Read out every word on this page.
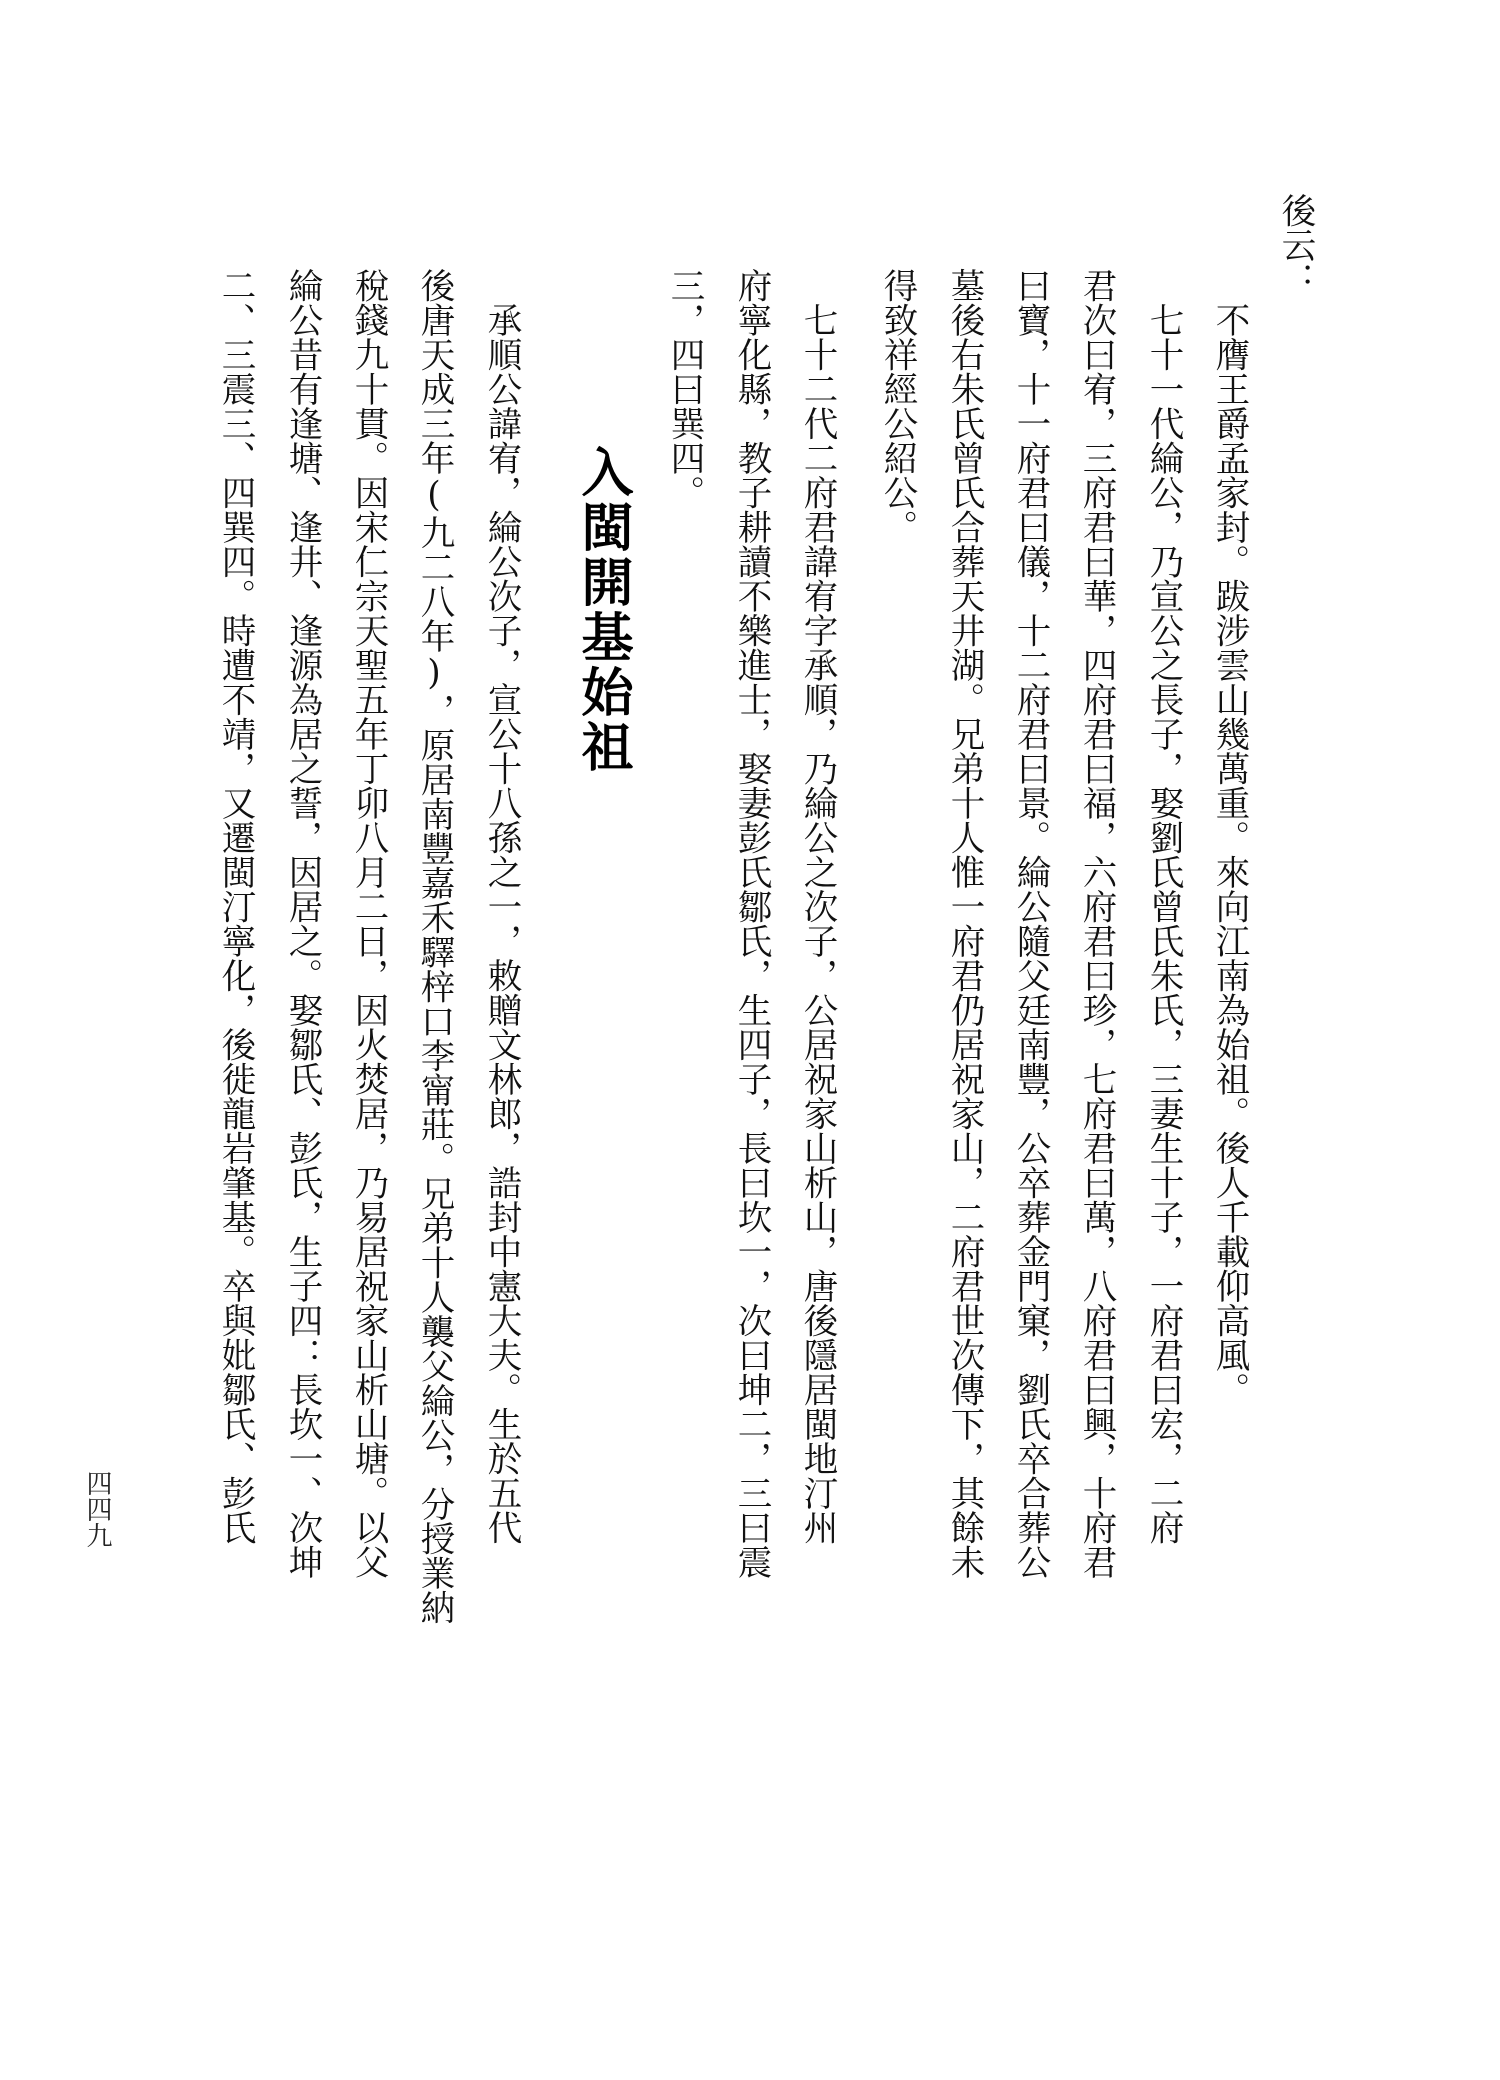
後云：

　不膺王爵孟家封。跋涉雲山幾萬重。來向江南為始祖。後人千載仰高風。

　七十一代綸公，乃宣公之長子，娶劉氏曾氏朱氏，三妻生十子，一府君曰宏，二府

君次曰宥，三府君曰華，四府君曰福，六府君曰珍，七府君曰萬，八府君曰興，十府君

曰寶，十一府君曰儀，十二府君曰景。綸公隨父廷南豐，公卒葬金門窠，劉氏卒合葬公

墓後右朱氏曾氏合葬天井湖。兄弟十人惟一府君仍居祝家山，二府君世次傳下，其餘未

得致祥經公紹公。

　七十二代二府君諱宥字承順，乃綸公之次子，公居祝家山析山，唐後隱居閩地汀州

府寧化縣，教子耕讀不樂進士，娶妻彭氏鄒氏，生四子，長曰坎一，次曰坤二，三曰震

三，四曰巽四。

入閩開基始祖

　承順公諱宥，綸公次子，宣公十八孫之一，敕贈文林郎，誥封中憲大夫。生於五代

後唐天成三年(九二八年)，原居南豐嘉禾驛梓口李甯莊。兄弟十人襲父綸公，分授業納

稅錢九十貫。因宋仁宗天聖五年丁卯八月二日，因火焚居，乃易居祝家山析山塘。以父

綸公昔有逢塘、逢井、逢源為居之誓，因居之。娶鄒氏、彭氏，生子四：長坎一、次坤

二、三震三、四巽四。時遭不靖，又遷閩汀寧化，後徙龍岩肇基。卒與妣鄒氏、彭氏

四四九
